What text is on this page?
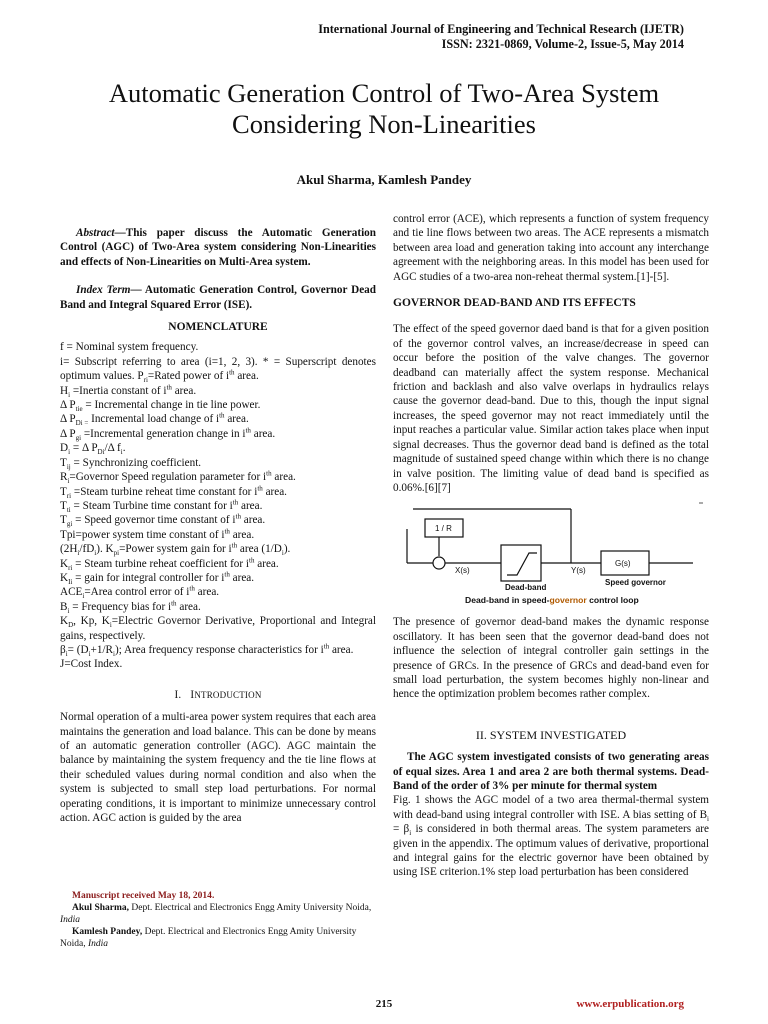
International Journal of Engineering and Technical Research (IJETR)
ISSN: 2321-0869, Volume-2, Issue-5, May 2014
Automatic Generation Control of Two-Area System
Considering Non-Linearities
Akul Sharma, Kamlesh Pandey

Abstract—This paper discuss the Automatic Generation Control (AGC) of Two-Area system considering Non-Linearities and effects of Non-Linearities on Multi-Area system.

Index Term— Automatic Generation Control, Governor Dead Band and Integral Squared Error (ISE).

NOMENCLATURE

f = Nominal system frequency.

i= Subscript referring to area (i=1, 2, 3). * = Superscript denotes optimum values. $P_{ri}=Rated$ power of $i^{th}$ area.

$H_i$ =Inertia constant of $i^{th}$ area.

Δ $P_{tie}$ = Incremental change in tie line power.

Δ $P_{Di =}$ Incremental load change of $i^{th}$ area.

Δ $P_{gi}$ =Incremental generation change in $i^{th}$ area.

$D_i = \Delta$ $P_{Di}/\Delta$ $f_i$.

$T_{ij}$ = Synchronizing coefficient.

$R_i=Governor$ Speed regulation parameter for $i^{th}$ area.

$T_{ri}$ =Steam turbine reheat time constant for $i^{th}$ area.

$T_{ti}$ = Steam Turbine time constant for $i^{th}$ area.

$T_{gi}$ = Speed governor time constant of $i^{th}$ area.

Tpi=power system time constant of $i^{th}$ area.

$(2H_i/fD_i)$. $K_{pi}=Power$ system gain for $i^{th}$ area $(1/D_i)$.

$K_{ri}$ = Steam turbine reheat coefficient for $i^{th}$ area.

$K_{Ii}$ = gain for integral controller for $i^{th}$ area.

$ACE_i=Area$ control error of $i^{th}$ area.

$B_i$ = Frequency bias for $i^{th}$ area.

$K_D$, Kp, $K_i=Electric$ Governor Derivative, Proportional and Integral gains, respectively.

$\beta_i= (D_i+1/R_i)$; Area frequency response characteristics for $i^{th}$ area.

J=Cost Index.

I. INTRODUCTION

Normal operation of a multi-area power system requires that each area maintains the generation and load balance. This can be done by means of an automatic generation controller (AGC). AGC maintain the balance by maintaining the system frequency and the tie line flows at their scheduled values during normal condition and also when the system is subjected to small step load perturbations. For normal operating conditions, it is important to minimize unnecessary control action. AGC action is guided by the area

Manuscript received May 18, 2014.
Akul Sharma, Dept. Electrical and Electronics Engg Amity University Noida, India
Kamlesh Pandey, Dept. Electrical and Electronics Engg Amity University Noida, India

control error (ACE), which represents a function of system frequency and tie line flows between two areas. The ACE represents a mismatch between area load and generation taking into account any interchange agreement with the neighboring areas. In this model has been used for AGC studies of a two-area non-reheat thermal system.[1]-[5].

GOVERNOR DEAD-BAND AND ITS EFFECTS

The effect of the speed governor daed band is that for a given position of the governor control valves, an increase/decrease in speed can occur before the position of the valve changes. The governor deadband can materially affect the system response. Mechanical friction and backlash and also valve overlaps in hydraulics relays cause the governor dead-band. Due to this, though the input signal increases, the speed governor may not react immediately until the input reaches a particular value. Similar action takes place when input signal decreases. Thus the governor dead band is defined as the total magnitude of sustained speed change within which there is no change in valve position. The limiting value of dead band is specified as 0.06%.[6][7]

1 / R
X(s)	Y(s)
G(s)
Dead-band
Speed governor
Dead-band in speed-governor control loop

The presence of governor dead-band makes the dynamic response oscillatory. It has been seen that the governor dead-band does not influence the selection of integral controller gain settings in the presence of GRCs. In the presence of GRCs and dead-band even for small load perturbation, the system becomes highly non-linear and hence the optimization problem becomes rather complex.

II. SYSTEM INVESTIGATED

The AGC system investigated consists of two generating areas of equal sizes. Area 1 and area 2 are both thermal systems. Dead-Band of the order of 3% per minute for thermal system

Fig. 1 shows the AGC model of a two area thermal-thermal system with dead-band using integral controller with ISE. A bias setting of $B_i = \beta_i$ is considered in both thermal areas. The system parameters are given in the appendix. The optimum values of derivative, proportional and integral gains for the electric governor have been obtained by using ISE criterion.1% step load perturbation has been considered

215	www.erpublication.org
